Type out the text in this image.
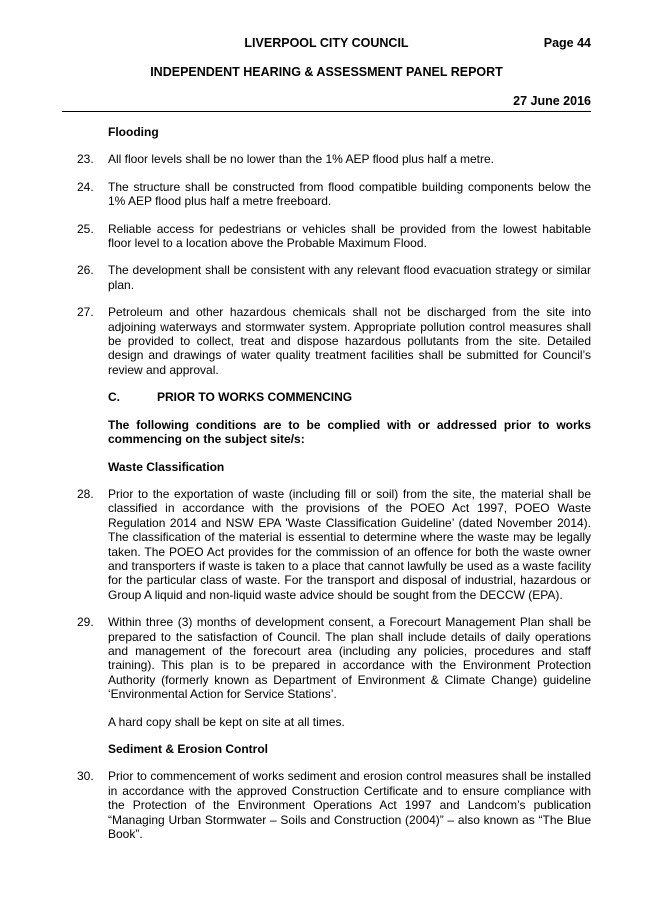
LIVERPOOL CITY COUNCIL	Page 44
INDEPENDENT HEARING & ASSESSMENT PANEL REPORT
27 June 2016
Flooding
23. All floor levels shall be no lower than the 1% AEP flood plus half a metre.
24. The structure shall be constructed from flood compatible building components below the 1% AEP flood plus half a metre freeboard.
25. Reliable access for pedestrians or vehicles shall be provided from the lowest habitable floor level to a location above the Probable Maximum Flood.
26. The development shall be consistent with any relevant flood evacuation strategy or similar plan.
27. Petroleum and other hazardous chemicals shall not be discharged from the site into adjoining waterways and stormwater system. Appropriate pollution control measures shall be provided to collect, treat and dispose hazardous pollutants from the site. Detailed design and drawings of water quality treatment facilities shall be submitted for Council’s review and approval.
C.	PRIOR TO WORKS COMMENCING
The following conditions are to be complied with or addressed prior to works commencing on the subject site/s:
Waste Classification
28. Prior to the exportation of waste (including fill or soil) from the site, the material shall be classified in accordance with the provisions of the POEO Act 1997, POEO Waste Regulation 2014 and NSW EPA 'Waste Classification Guideline’ (dated November 2014). The classification of the material is essential to determine where the waste may be legally taken. The POEO Act provides for the commission of an offence for both the waste owner and transporters if waste is taken to a place that cannot lawfully be used as a waste facility for the particular class of waste. For the transport and disposal of industrial, hazardous or Group A liquid and non-liquid waste advice should be sought from the DECCW (EPA).
29. Within three (3) months of development consent, a Forecourt Management Plan shall be prepared to the satisfaction of Council. The plan shall include details of daily operations and management of the forecourt area (including any policies, procedures and staff training). This plan is to be prepared in accordance with the Environment Protection Authority (formerly known as Department of Environment & Climate Change) guideline ‘Environmental Action for Service Stations’.
A hard copy shall be kept on site at all times.
Sediment & Erosion Control
30. Prior to commencement of works sediment and erosion control measures shall be installed in accordance with the approved Construction Certificate and to ensure compliance with the Protection of the Environment Operations Act 1997 and Landcom’s publication “Managing Urban Stormwater – Soils and Construction (2004)” – also known as “The Blue Book”.
